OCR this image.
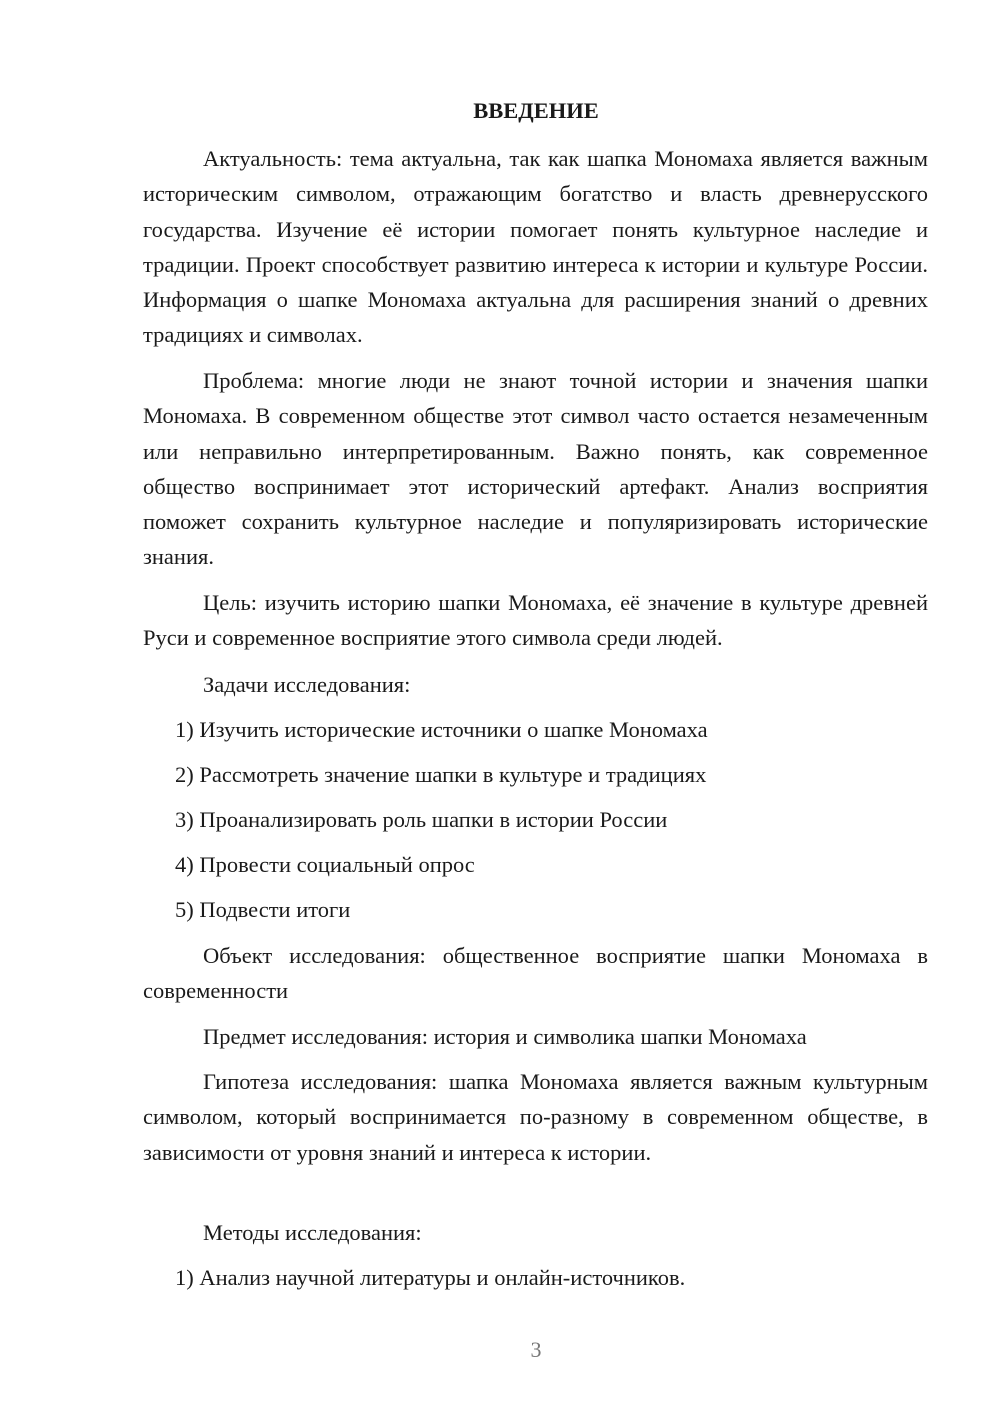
ВВЕДЕНИЕ

Актуальность: тема актуальна, так как шапка Мономаха является важным историческим символом, отражающим богатство и власть древнерусского государства. Изучение её истории помогает понять культурное наследие и традиции. Проект способствует развитию интереса к истории и культуре России. Информация о шапке Мономаха актуальна для расширения знаний о древних традициях и символах.

Проблема: многие люди не знают точной истории и значения шапки Мономаха. В современном обществе этот символ часто остается незамеченным или неправильно интерпретированным. Важно понять, как современное общество воспринимает этот исторический артефакт. Анализ восприятия поможет сохранить культурное наследие и популяризировать исторические знания.

Цель: изучить историю шапки Мономаха, её значение в культуре древней Руси и современное восприятие этого символа среди людей.

Задачи исследования:
1) Изучить исторические источники о шапке Мономаха
2) Рассмотреть значение шапки в культуре и традициях
3) Проанализировать роль шапки в истории России
4) Провести социальный опрос
5) Подвести итоги

Объект исследования: общественное восприятие шапки Мономаха в современности

Предмет исследования: история и символика шапки Мономаха

Гипотеза исследования: шапка Мономаха является важным культурным символом, который воспринимается по-разному в современном обществе, в зависимости от уровня знаний и интереса к истории.

Методы исследования:
1) Анализ научной литературы и онлайн-источников.
3
